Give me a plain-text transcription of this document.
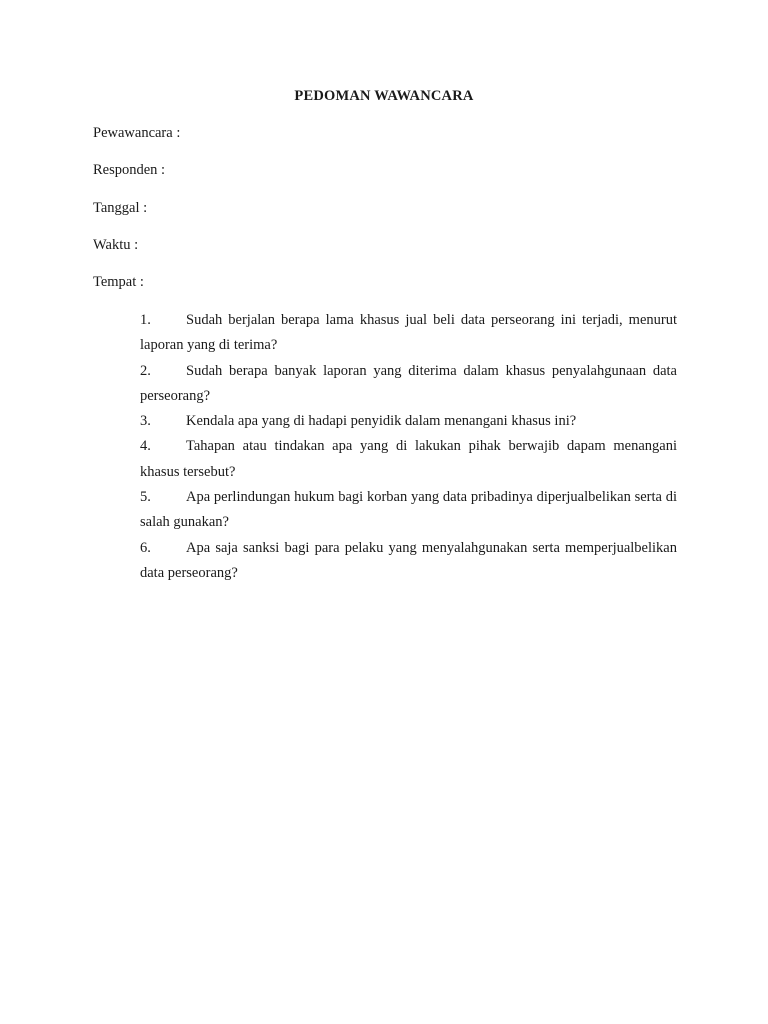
PEDOMAN WAWANCARA
Pewawancara :
Responden :
Tanggal :
Waktu :
Tempat :
1. Sudah berjalan berapa lama khasus jual beli data perseorang ini terjadi, menurut laporan yang di terima?
2. Sudah berapa banyak laporan yang diterima dalam khasus penyalahgunaan data perseorang?
3. Kendala apa yang di hadapi penyidik dalam menangani khasus ini?
4. Tahapan atau tindakan apa yang di lakukan pihak berwajib dapam menangani khasus tersebut?
5. Apa perlindungan hukum bagi korban yang data pribadinya diperjualbelikan serta di salah gunakan?
6. Apa saja sanksi bagi para pelaku yang menyalahgunakan serta memperjualbelikan data perseorang?
